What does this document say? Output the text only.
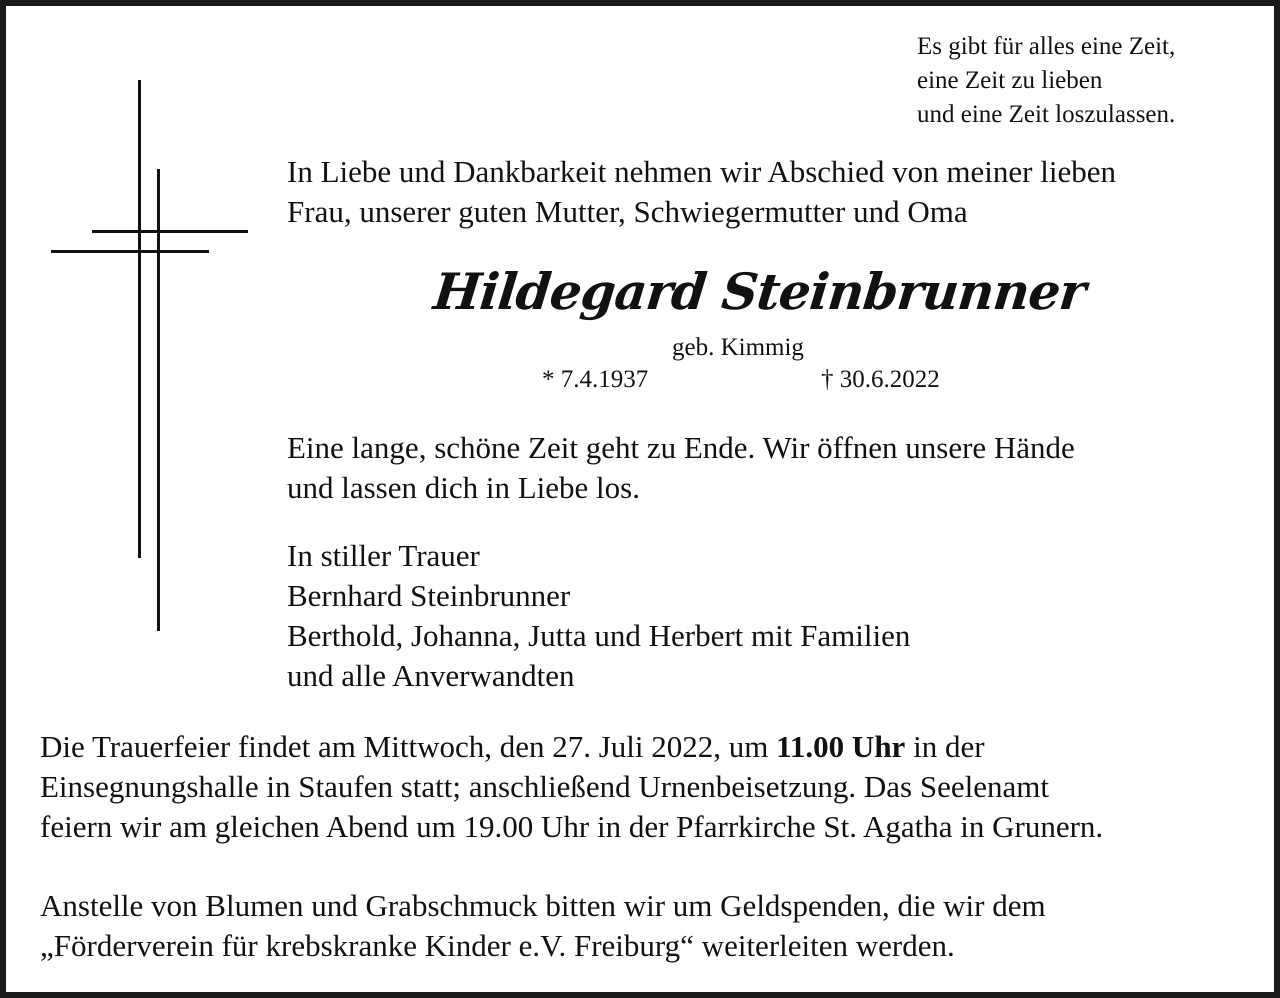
Es gibt für alles eine Zeit,
eine Zeit zu lieben
und eine Zeit loszulassen.
In Liebe und Dankbarkeit nehmen wir Abschied von meiner lieben
Frau, unserer guten Mutter, Schwiegermutter und Oma
Hildegard Steinbrunner
geb. Kimmig
* 7.4.1937	† 30.6.2022
Eine lange, schöne Zeit geht zu Ende. Wir öffnen unsere Hände
und lassen dich in Liebe los.
In stiller Trauer
Bernhard Steinbrunner
Berthold, Johanna, Jutta und Herbert mit Familien
und alle Anverwandten
Die Trauerfeier findet am Mittwoch, den 27. Juli 2022, um 11.00 Uhr in der
Einsegnungshalle in Staufen statt; anschließend Urnenbeisetzung. Das Seelenamt
feiern wir am gleichen Abend um 19.00 Uhr in der Pfarrkirche St. Agatha in Grunern.
Anstelle von Blumen und Grabschmuck bitten wir um Geldspenden, die wir dem
„Förderverein für krebskranke Kinder e.V. Freiburg“ weiterleiten werden.
